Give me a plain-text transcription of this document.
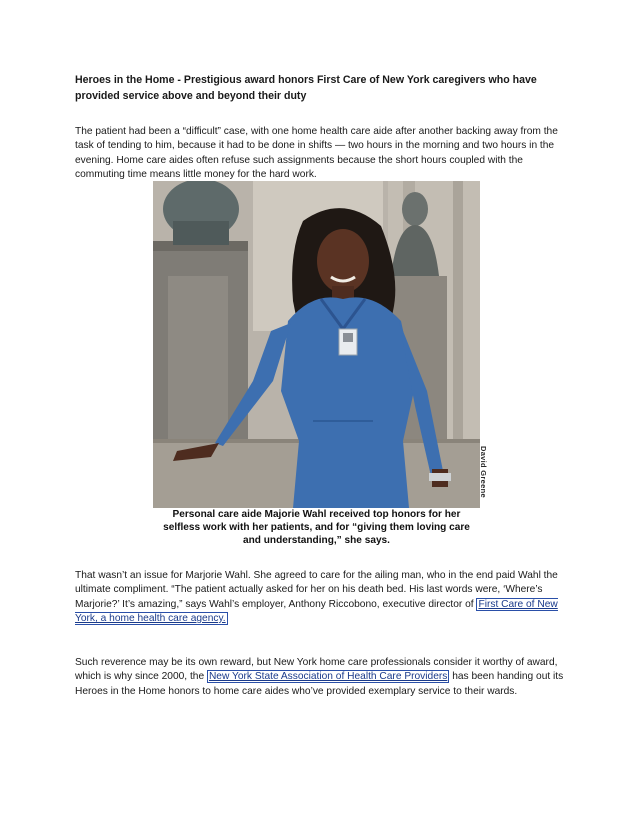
Heroes in the Home - Prestigious award honors First Care of New York caregivers who have provided service above and beyond their duty

The patient had been a “difficult” case, with one home health care aide after another backing away from the task of tending to him, because it had to be done in shifts — two hours in the morning and two hours in the evening. Home care aides often refuse such assignments because the short hours coupled with the commuting time means little money for the hard work.

David Greene
Personal care aide Majorie Wahl received top honors for her
selfless work with her patients, and for “giving them loving care
and understanding,” she says.

That wasn’t an issue for Marjorie Wahl. She agreed to care for the ailing man, who in the end paid Wahl the ultimate compliment. “The patient actually asked for her on his death bed. His last words were, ‘Where’s Marjorie?’ It’s amazing,” says Wahl’s employer, Anthony Riccobono, executive director of First Care of New York, a home health care agency.

Such reverence may be its own reward, but New York home care professionals consider it worthy of award, which is why since 2000, the New York State Association of Health Care Providers has been handing out its Heroes in the Home honors to home care aides who’ve provided exemplary service to their wards.
